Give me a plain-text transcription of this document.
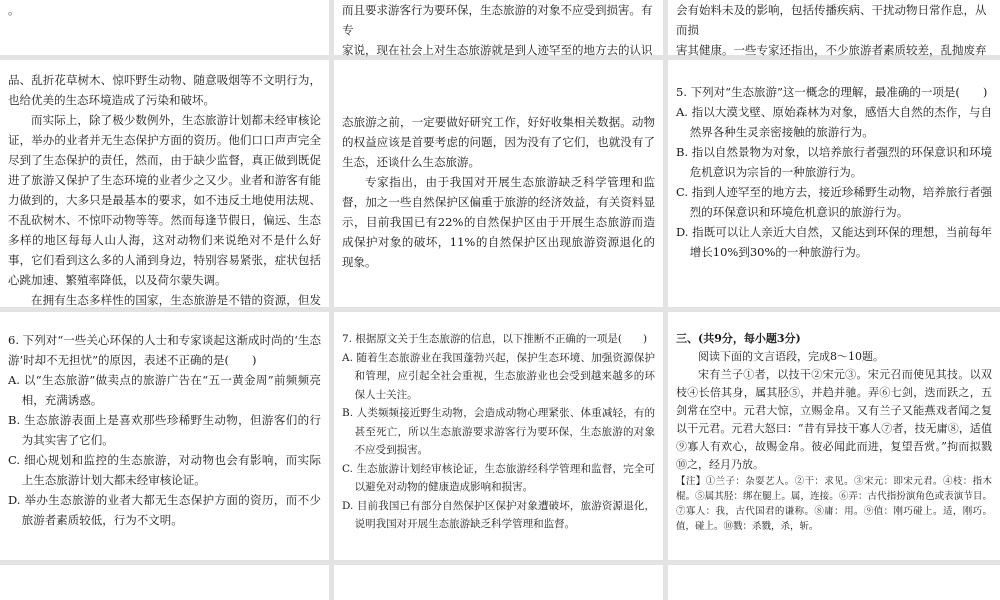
。	而且要求游客行为要环保，生态旅游的对象不应受到损害。有专
家说，现在社会上对生态旅游就是到人迹罕至的地方去的认识
会有始料未及的影响，包括传播疾病、干扰动物日常作息，从而损
害其健康。一些专家还指出，不少旅游者素质较差，乱抛废弃

品、乱折花草树木、惊吓野生动物、随意吸烟等不文明行为，也给优美的生态环境造成了污染和破坏。

而实际上，除了极少数例外，生态旅游计划都未经审核论证，举办的业者并无生态保护方面的资历。他们口口声声完全尽到了生态保护的责任，然而，由于缺少监督，真正做到既促进了旅游又保护了生态环境的业者少之又少。业者和游客有能力做到的，大多只是最基本的要求，如不违反土地使用法规、不乱砍树木、不惊吓动物等等。然而每逢节假日，偏远、生态多样的地区每每人山人海，这对动物们来说绝对不是什么好事，它们看到这么多的人涌到身边，特别容易紧张，症状包括心跳加速、繁殖率降低，以及荷尔蒙失调。

在拥有生态多样性的国家，生态旅游是不错的资源，但发

态旅游之前，一定要做好研究工作，好好收集相关数据。动物的权益应该是首要考虑的问题，因为没有了它们，也就没有了生态，还谈什么生态旅游。

专家指出，由于我国对开展生态旅游缺乏科学管理和监督，加之一些自然保护区偏重于旅游的经济效益，有关资料显示，目前我国已有22%的自然保护区由于开展生态旅游而造成保护对象的破坏，11%的自然保护区出现旅游资源退化的现象。

5. 下列对“生态旅游”这一概念的理解，最准确的一项是(　　)

A. 指以大漠戈壁、原始森林为对象，感悟大自然的杰作，与自然界各种生灵亲密接触的旅游行为。

B. 指以自然景物为对象，以培养旅行者强烈的环保意识和环境危机意识为宗旨的一种旅游行为。

C. 指到人迹罕至的地方去，接近珍稀野生动物，培养旅行者强烈的环保意识和环境危机意识的旅游行为。

D. 指既可以让人亲近大自然，又能达到环保的理想，当前每年增长10%到30%的一种旅游行为。

6. 下列对“一些关心环保的人士和专家谈起这渐成时尚的‘生态游’时却不无担忧”的原因，表述不正确的是(　　)

A. 以“生态旅游”做卖点的旅游广告在“五一黄金周”前频频亮相，充满诱惑。

B. 生态旅游表面上是喜欢那些珍稀野生动物，但游客们的行为其实害了它们。

C. 细心规划和监控的生态旅游，对动物也会有影响，而实际上生态旅游计划大都未经审核论证。

D. 举办生态旅游的业者大都无生态保护方面的资历，而不少旅游者素质较低，行为不文明。

7. 根据原文关于生态旅游的信息，以下推断不正确的一项是(　　)

A. 随着生态旅游业在我国蓬勃兴起，保护生态环境、加强资源保护和管理，应引起全社会重视，生态旅游业也会受到越来越多的环保人士关注。

B. 人类频频接近野生动物，会造成动物心理紧张、体重减轻，有的甚至死亡，所以生态旅游要求游客行为要环保，生态旅游的对象不应受到损害。

C. 生态旅游计划经审核论证，生态旅游经科学管理和监督，完全可以避免对动物的健康造成影响和损害。

D. 目前我国已有部分自然保护区保护对象遭破坏，旅游资源退化，说明我国对开展生态旅游缺乏科学管理和监督。

三、(共9分，每小题3分)

阅读下面的文言语段，完成8～10题。

宋有兰子①者，以技干②宋元③。宋元召而使见其技。以双枝④长倍其身，属其胫⑤，并趋并驰。弄⑥七剑，迭而跃之，五剑常在空中。元君大惊，立赐金帛。又有兰子又能燕戏者闻之复以干元君。元君大怒曰：“昔有异技干寡人⑦者，技无庸⑧，适值⑨寡人有欢心，故赐金帛。彼必闻此而进，复望吾赏。”拘而拟戮⑩之，经月乃放。

【注】①兰子：杂耍艺人。②干：求见。③宋元：即宋元君。④枝：指木棍。⑤属其胫：绑在腿上。属，连接。⑥弄：古代指扮演角色或表演节目。⑦寡人：我，古代国君的谦称。⑧庸：用。⑨值：刚巧碰上。适，刚巧。值，碰上。⑩戮：杀戮，杀，斩。
